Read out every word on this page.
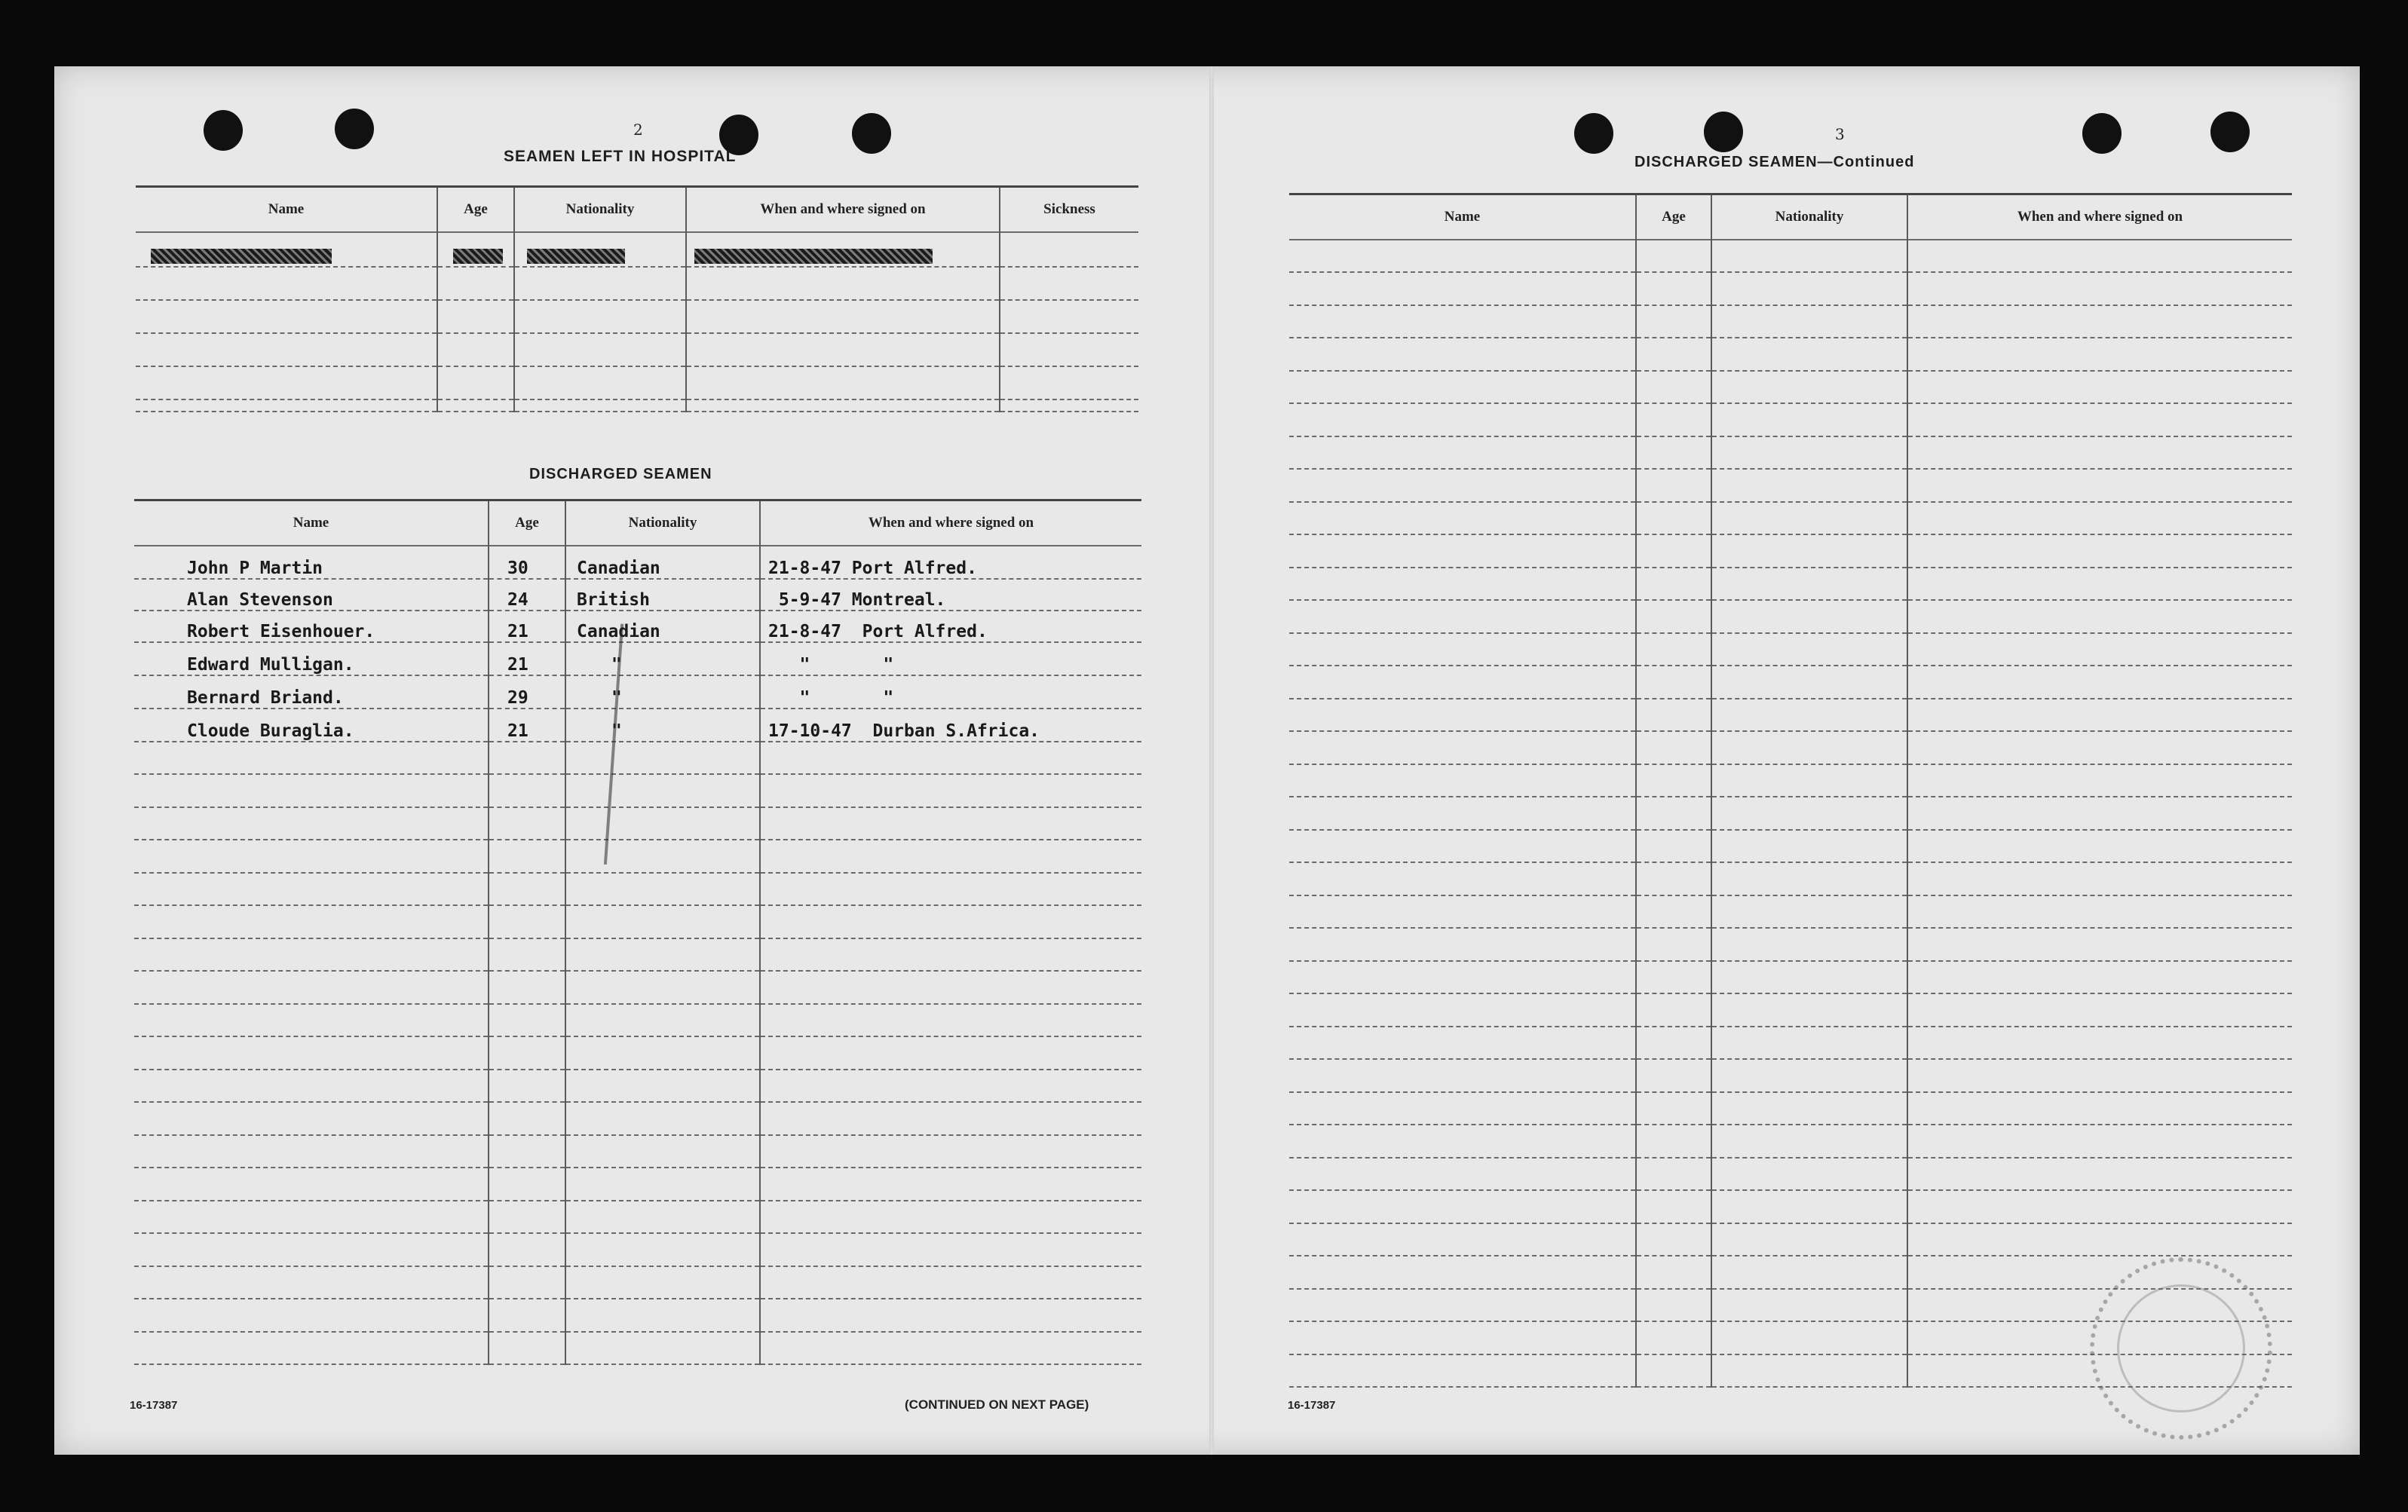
2
SEAMEN LEFT IN HOSPITAL
Name	Age	Nationality	When and where signed on	Sickness

DISCHARGED SEAMEN
Name	Age	Nationality	When and where signed on
John P Martin	30	Canadian	21-8-47 Port Alfred.
Alan Stevenson	24	British	5-9-47 Montreal.
Robert Eisenhouer.	21	Canadian	21-8-47  Port Alfred.
Edward Mulligan.	21	"	"       "
Bernard Briand.	29	"	"       "
Cloude Buraglia.	21	"	17-10-47  Durban S.Africa.

16-17387	(CONTINUED ON NEXT PAGE)
3
DISCHARGED SEAMEN—Continued
Name	Age	Nationality	When and where signed on

16-17387
